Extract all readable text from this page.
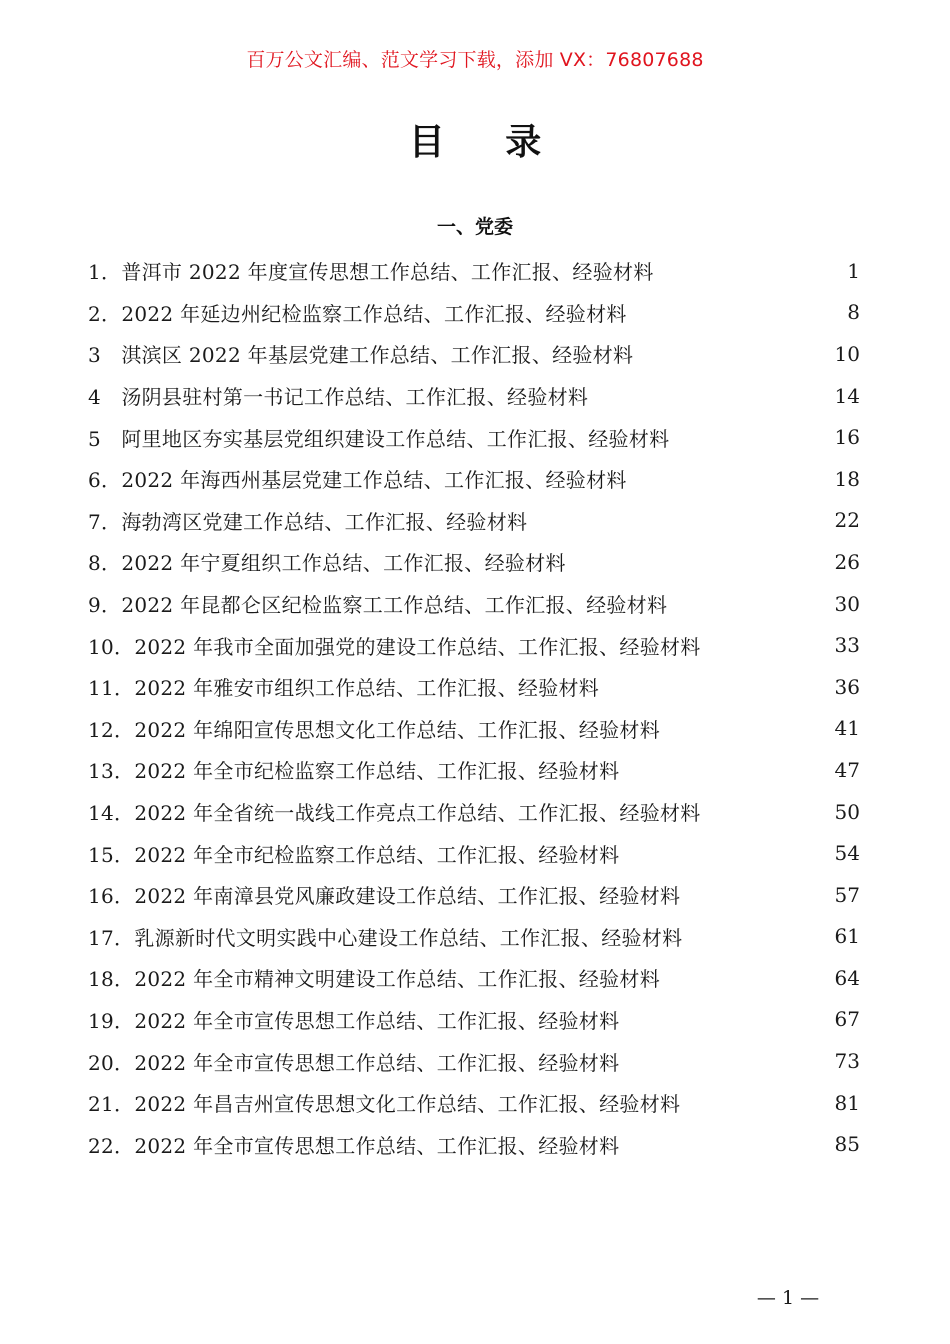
百万公文汇编、范文学习下载，添加 VX：76807688
目 录
一、党委
1．普洱市 2022 年度宣传思想工作总结、工作汇报、经验材料	1
2．2022 年延边州纪检监察工作总结、工作汇报、经验材料	8
3　淇滨区 2022 年基层党建工作总结、工作汇报、经验材料	10
4　汤阴县驻村第一书记工作总结、工作汇报、经验材料	14
5　阿里地区夯实基层党组织建设工作总结、工作汇报、经验材料	16
6．2022 年海西州基层党建工作总结、工作汇报、经验材料	18
7．海勃湾区党建工作总结、工作汇报、经验材料	22
8．2022 年宁夏组织工作总结、工作汇报、经验材料	26
9．2022 年昆都仑区纪检监察工工作总结、工作汇报、经验材料	30
10．2022 年我市全面加强党的建设工作总结、工作汇报、经验材料	33
11．2022 年雅安市组织工作总结、工作汇报、经验材料	36
12．2022 年绵阳宣传思想文化工作总结、工作汇报、经验材料	41
13．2022 年全市纪检监察工作总结、工作汇报、经验材料	47
14．2022 年全省统一战线工作亮点工作总结、工作汇报、经验材料	50
15．2022 年全市纪检监察工作总结、工作汇报、经验材料	54
16．2022 年南漳县党风廉政建设工作总结、工作汇报、经验材料	57
17．乳源新时代文明实践中心建设工作总结、工作汇报、经验材料	61
18．2022 年全市精神文明建设工作总结、工作汇报、经验材料	64
19．2022 年全市宣传思想工作总结、工作汇报、经验材料	67
20．2022 年全市宣传思想工作总结、工作汇报、经验材料	73
21．2022 年昌吉州宣传思想文化工作总结、工作汇报、经验材料	81
22．2022 年全市宣传思想工作总结、工作汇报、经验材料	85
— 1 —
